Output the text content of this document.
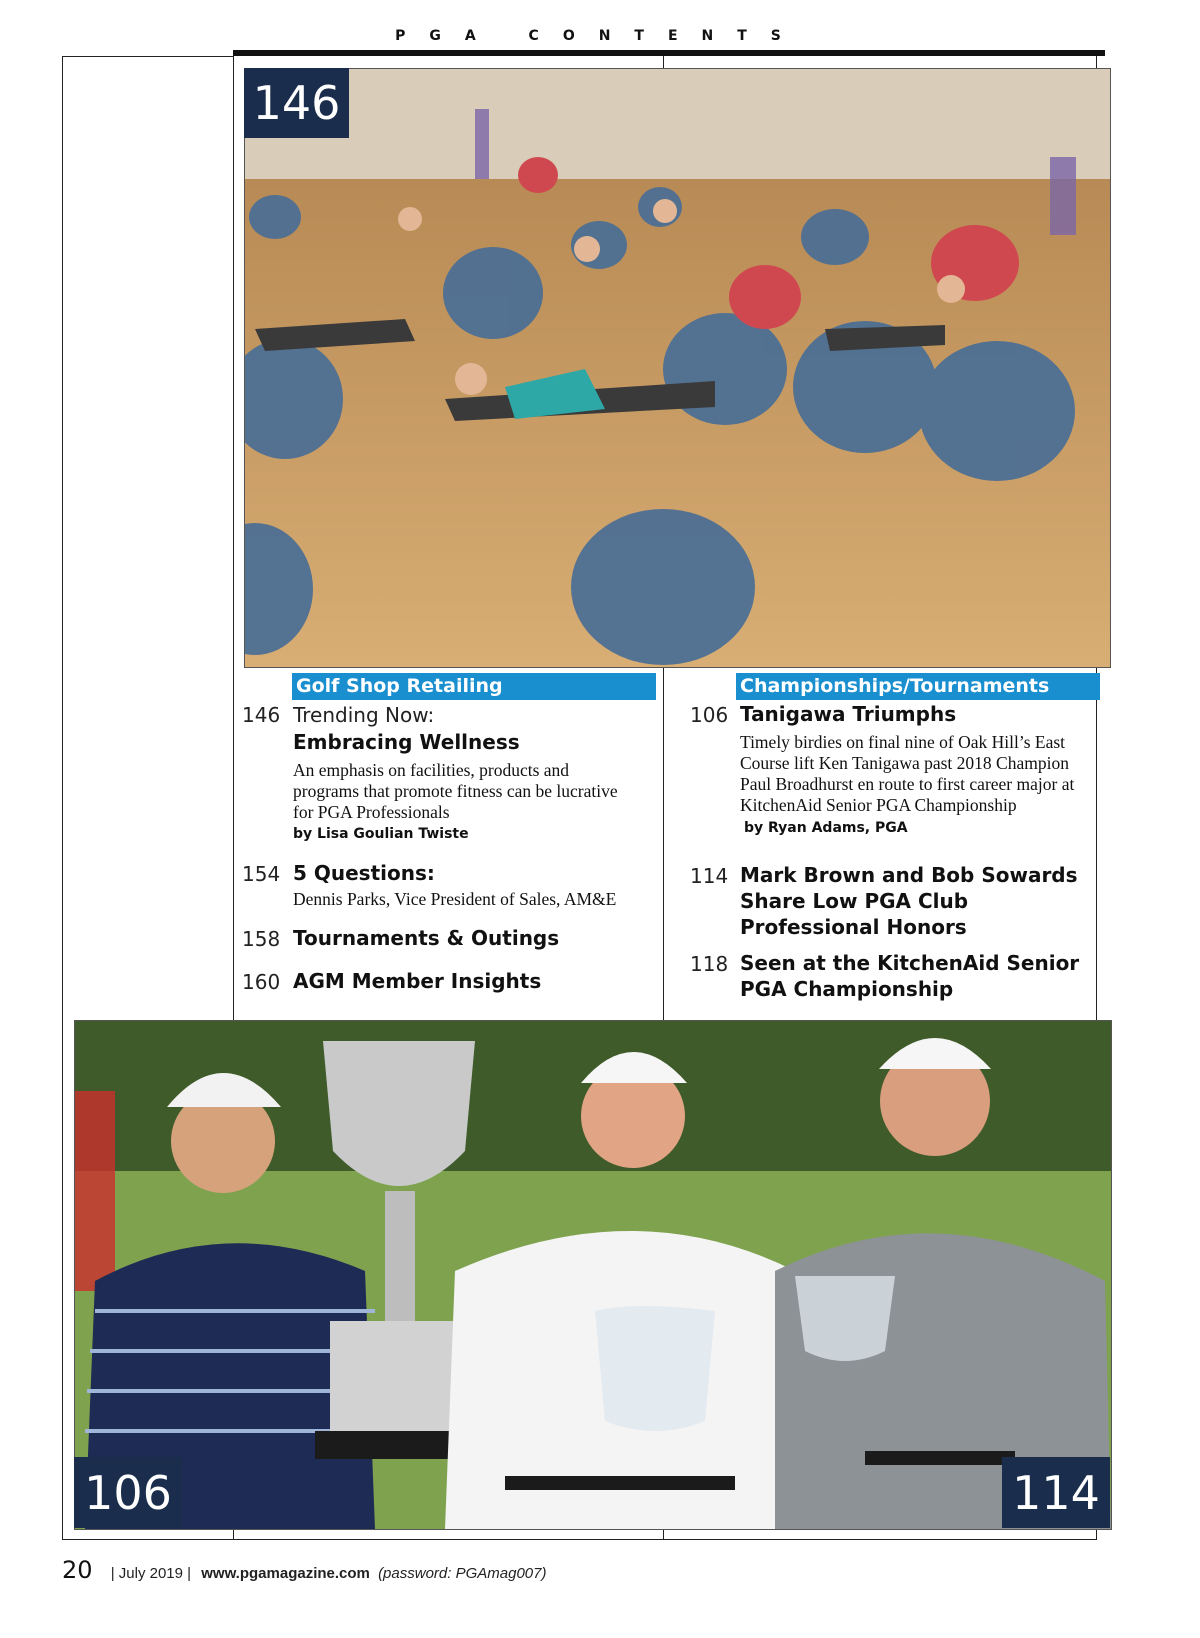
PGA CONTENTS
146
Golf Shop Retailing
146 Trending Now:
Embracing Wellness
An emphasis on facilities, products and programs that promote fitness can be lucrative for PGA Professionals
by Lisa Goulian Twiste
154 5 Questions:
Dennis Parks, Vice President of Sales, AM&E
158 Tournaments & Outings
160 AGM Member Insights
Championships/Tournaments
106 Tanigawa Triumphs
Timely birdies on final nine of Oak Hill’s East Course lift Ken Tanigawa past 2018 Champion Paul Broadhurst en route to first career major at KitchenAid Senior PGA Championship by Ryan Adams, PGA
114 Mark Brown and Bob Sowards Share Low PGA Club Professional Honors
118 Seen at the KitchenAid Senior PGA Championship
106	114
20 | July 2019 | www.pgamagazine.com (password: PGAmag007)
